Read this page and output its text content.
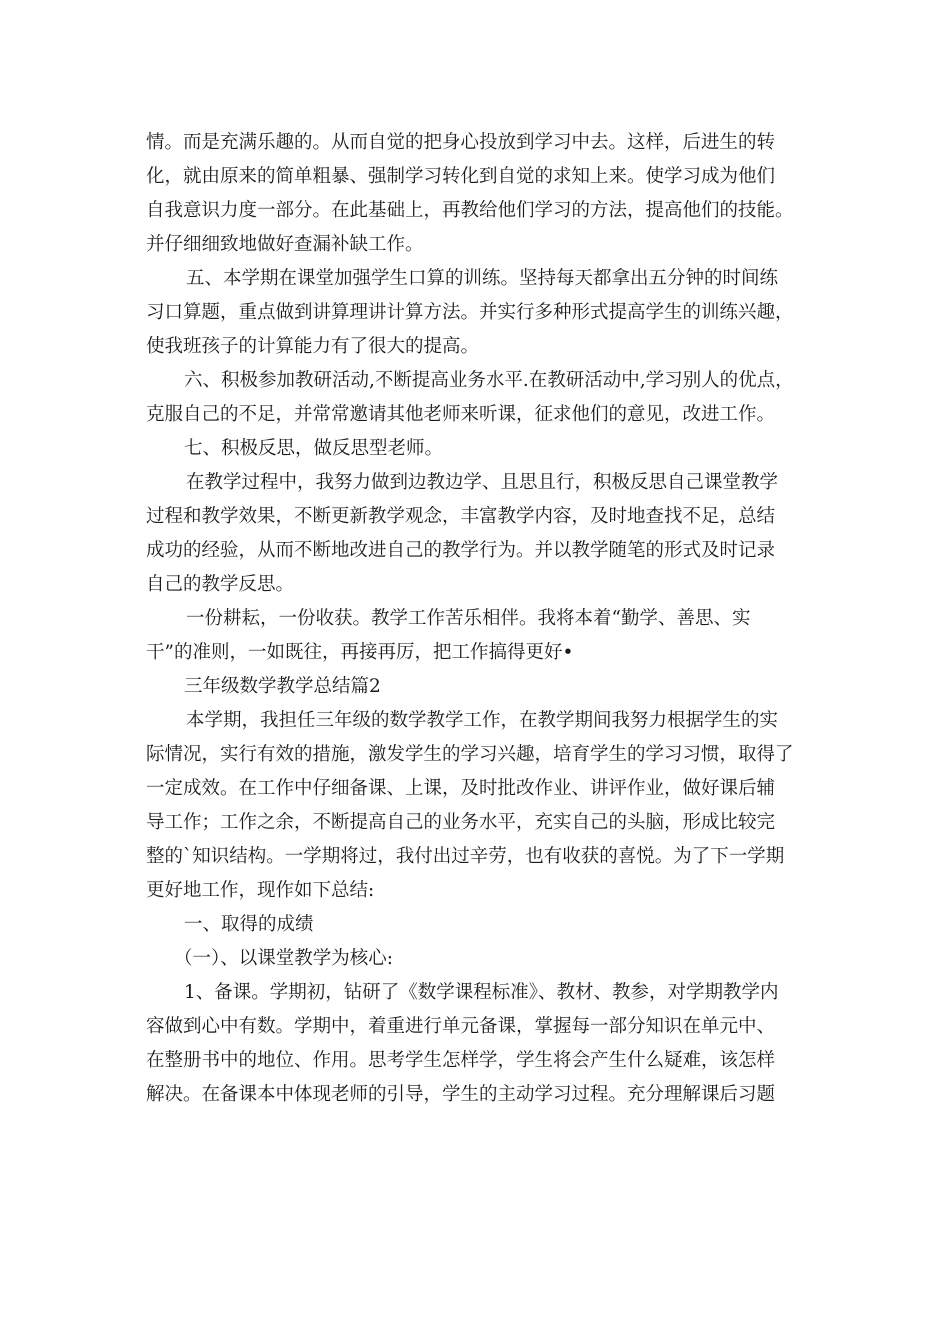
情。而是充满乐趣的。从而自觉的把身心投放到学习中去。这样，后进生的转
化，就由原来的简单粗暴、强制学习转化到自觉的求知上来。使学习成为他们
自我意识力度一部分。在此基础上，再教给他们学习的方法，提高他们的技能。
并仔细细致地做好查漏补缺工作。
五、本学期在课堂加强学生口算的训练。坚持每天都拿出五分钟的时间练
习口算题，重点做到讲算理讲计算方法。并实行多种形式提高学生的训练兴趣，
使我班孩子的计算能力有了很大的提高。
六、积极参加教研活动,不断提高业务水平.在教研活动中,学习别人的优点，
克服自己的不足，并常常邀请其他老师来听课，征求他们的意见，改进工作。
七、积极反思，做反思型老师。
在教学过程中，我努力做到边教边学、且思且行，积极反思自己课堂教学
过程和教学效果，不断更新教学观念，丰富教学内容，及时地查找不足，总结
成功的经验，从而不断地改进自己的教学行为。并以教学随笔的形式及时记录
自己的教学反思。
一份耕耘，一份收获。教学工作苦乐相伴。我将本着“勤学、善思、实
干”的准则，一如既往，再接再厉，把工作搞得更好•
三年级数学教学总结篇2
本学期，我担任三年级的数学教学工作，在教学期间我努力根据学生的实
际情况，实行有效的措施，激发学生的学习兴趣，培育学生的学习习惯，取得了
一定成效。在工作中仔细备课、上课，及时批改作业、讲评作业，做好课后辅
导工作；工作之余，不断提高自己的业务水平，充实自己的头脑，形成比较完
整的`知识结构。一学期将过，我付出过辛劳，也有收获的喜悦。为了下一学期
更好地工作，现作如下总结:
一、取得的成绩
（一）、以课堂教学为核心:
1、备课。学期初，钻研了《数学课程标准》、教材、教参，对学期教学内
容做到心中有数。学期中，着重进行单元备课，掌握每一部分知识在单元中、
在整册书中的地位、作用。思考学生怎样学，学生将会产生什么疑难，该怎样
解决。在备课本中体现老师的引导，学生的主动学习过程。充分理解课后习题
